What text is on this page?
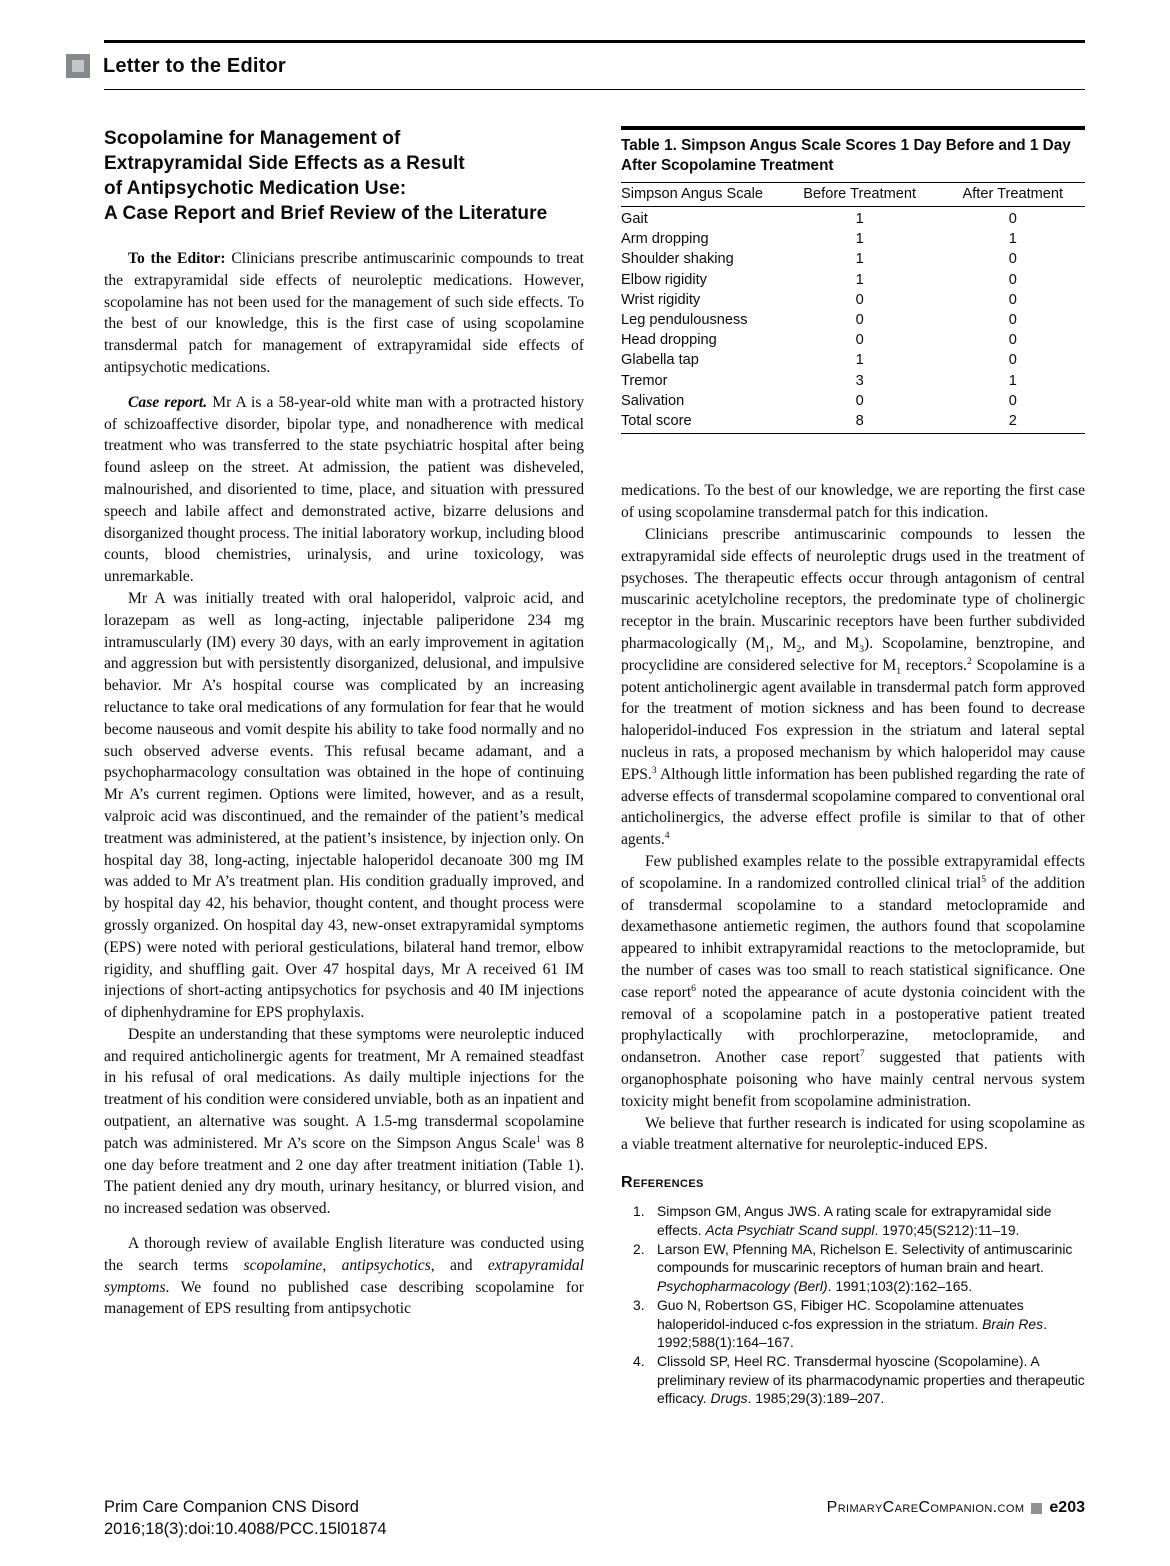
Letter to the Editor
Scopolamine for Management of
Extrapyramidal Side Effects as a Result
of Antipsychotic Medication Use:
A Case Report and Brief Review of the Literature

To the Editor: Clinicians prescribe antimuscarinic compounds to treat the extrapyramidal side effects of neuroleptic medications. However, scopolamine has not been used for the management of such side effects. To the best of our knowledge, this is the first case of using scopolamine transdermal patch for management of extrapyramidal side effects of antipsychotic medications.

Case report. Mr A is a 58-year-old white man with a protracted history of schizoaffective disorder, bipolar type, and nonadherence with medical treatment who was transferred to the state psychiatric hospital after being found asleep on the street. At admission, the patient was disheveled, malnourished, and disoriented to time, place, and situation with pressured speech and labile affect and demonstrated active, bizarre delusions and disorganized thought process. The initial laboratory workup, including blood counts, blood chemistries, urinalysis, and urine toxicology, was unremarkable.

Mr A was initially treated with oral haloperidol, valproic acid, and lorazepam as well as long-acting, injectable paliperidone 234 mg intramuscularly (IM) every 30 days, with an early improvement in agitation and aggression but with persistently disorganized, delusional, and impulsive behavior. Mr A’s hospital course was complicated by an increasing reluctance to take oral medications of any formulation for fear that he would become nauseous and vomit despite his ability to take food normally and no such observed adverse events. This refusal became adamant, and a psychopharmacology consultation was obtained in the hope of continuing Mr A’s current regimen. Options were limited, however, and as a result, valproic acid was discontinued, and the remainder of the patient’s medical treatment was administered, at the patient’s insistence, by injection only. On hospital day 38, long-acting, injectable haloperidol decanoate 300 mg IM was added to Mr A’s treatment plan. His condition gradually improved, and by hospital day 42, his behavior, thought content, and thought process were grossly organized. On hospital day 43, new-onset extrapyramidal symptoms (EPS) were noted with perioral gesticulations, bilateral hand tremor, elbow rigidity, and shuffling gait. Over 47 hospital days, Mr A received 61 IM injections of short-acting antipsychotics for psychosis and 40 IM injections of diphenhydramine for EPS prophylaxis.

Despite an understanding that these symptoms were neuroleptic induced and required anticholinergic agents for treatment, Mr A remained steadfast in his refusal of oral medications. As daily multiple injections for the treatment of his condition were considered unviable, both as an inpatient and outpatient, an alternative was sought. A 1.5-mg transdermal scopolamine patch was administered. Mr A’s score on the Simpson Angus Scale$^1$ was 8 one day before treatment and 2 one day after treatment initiation (Table 1). The patient denied any dry mouth, urinary hesitancy, or blurred vision, and no increased sedation was observed.

A thorough review of available English literature was conducted using the search terms scopolamine, antipsychotics, and extrapyramidal symptoms. We found no published case describing scopolamine for management of EPS resulting from antipsychotic

Table 1. Simpson Angus Scale Scores 1 Day Before and 1 Day After Scopolamine Treatment
Simpson Angus Scale	Before Treatment	After Treatment
Gait	1	0
Arm dropping	1	1
Shoulder shaking	1	0
Elbow rigidity	1	0
Wrist rigidity	0	0
Leg pendulousness	0	0
Head dropping	0	0
Glabella tap	1	0
Tremor	3	1
Salivation	0	0
Total score	8	2

medications. To the best of our knowledge, we are reporting the first case of using scopolamine transdermal patch for this indication.

Clinicians prescribe antimuscarinic compounds to lessen the extrapyramidal side effects of neuroleptic drugs used in the treatment of psychoses. The therapeutic effects occur through antagonism of central muscarinic acetylcholine receptors, the predominate type of cholinergic receptor in the brain. Muscarinic receptors have been further subdivided pharmacologically ($M_1$, $M_2$, and $M_3$). Scopolamine, benztropine, and procyclidine are considered selective for $M_1$ receptors.$^2$ Scopolamine is a potent anticholinergic agent available in transdermal patch form approved for the treatment of motion sickness and has been found to decrease haloperidol-induced Fos expression in the striatum and lateral septal nucleus in rats, a proposed mechanism by which haloperidol may cause EPS.$^3$ Although little information has been published regarding the rate of adverse effects of transdermal scopolamine compared to conventional oral anticholinergics, the adverse effect profile is similar to that of other agents.$^4$

Few published examples relate to the possible extrapyramidal effects of scopolamine. In a randomized controlled clinical trial$^5$ of the addition of transdermal scopolamine to a standard metoclopramide and dexamethasone antiemetic regimen, the authors found that scopolamine appeared to inhibit extrapyramidal reactions to the metoclopramide, but the number of cases was too small to reach statistical significance. One case report$^6$ noted the appearance of acute dystonia coincident with the removal of a scopolamine patch in a postoperative patient treated prophylactically with prochlorperazine, metoclopramide, and ondansetron. Another case report$^7$ suggested that patients with organophosphate poisoning who have mainly central nervous system toxicity might benefit from scopolamine administration.

We believe that further research is indicated for using scopolamine as a viable treatment alternative for neuroleptic-induced EPS.

References
1. Simpson GM, Angus JWS. A rating scale for extrapyramidal side effects. Acta Psychiatr Scand suppl. 1970;45(S212):11–19.
2. Larson EW, Pfenning MA, Richelson E. Selectivity of antimuscarinic compounds for muscarinic receptors of human brain and heart. Psychopharmacology (Berl). 1991;103(2):162–165.
3. Guo N, Robertson GS, Fibiger HC. Scopolamine attenuates haloperidol-induced c-fos expression in the striatum. Brain Res. 1992;588(1):164–167.
4. Clissold SP, Heel RC. Transdermal hyoscine (Scopolamine). A preliminary review of its pharmacodynamic properties and therapeutic efficacy. Drugs. 1985;29(3):189–207.
Prim Care Companion CNS Disord
2016;18(3):doi:10.4088/PCC.15l01874
PrimaryCareCompanion.com e203
